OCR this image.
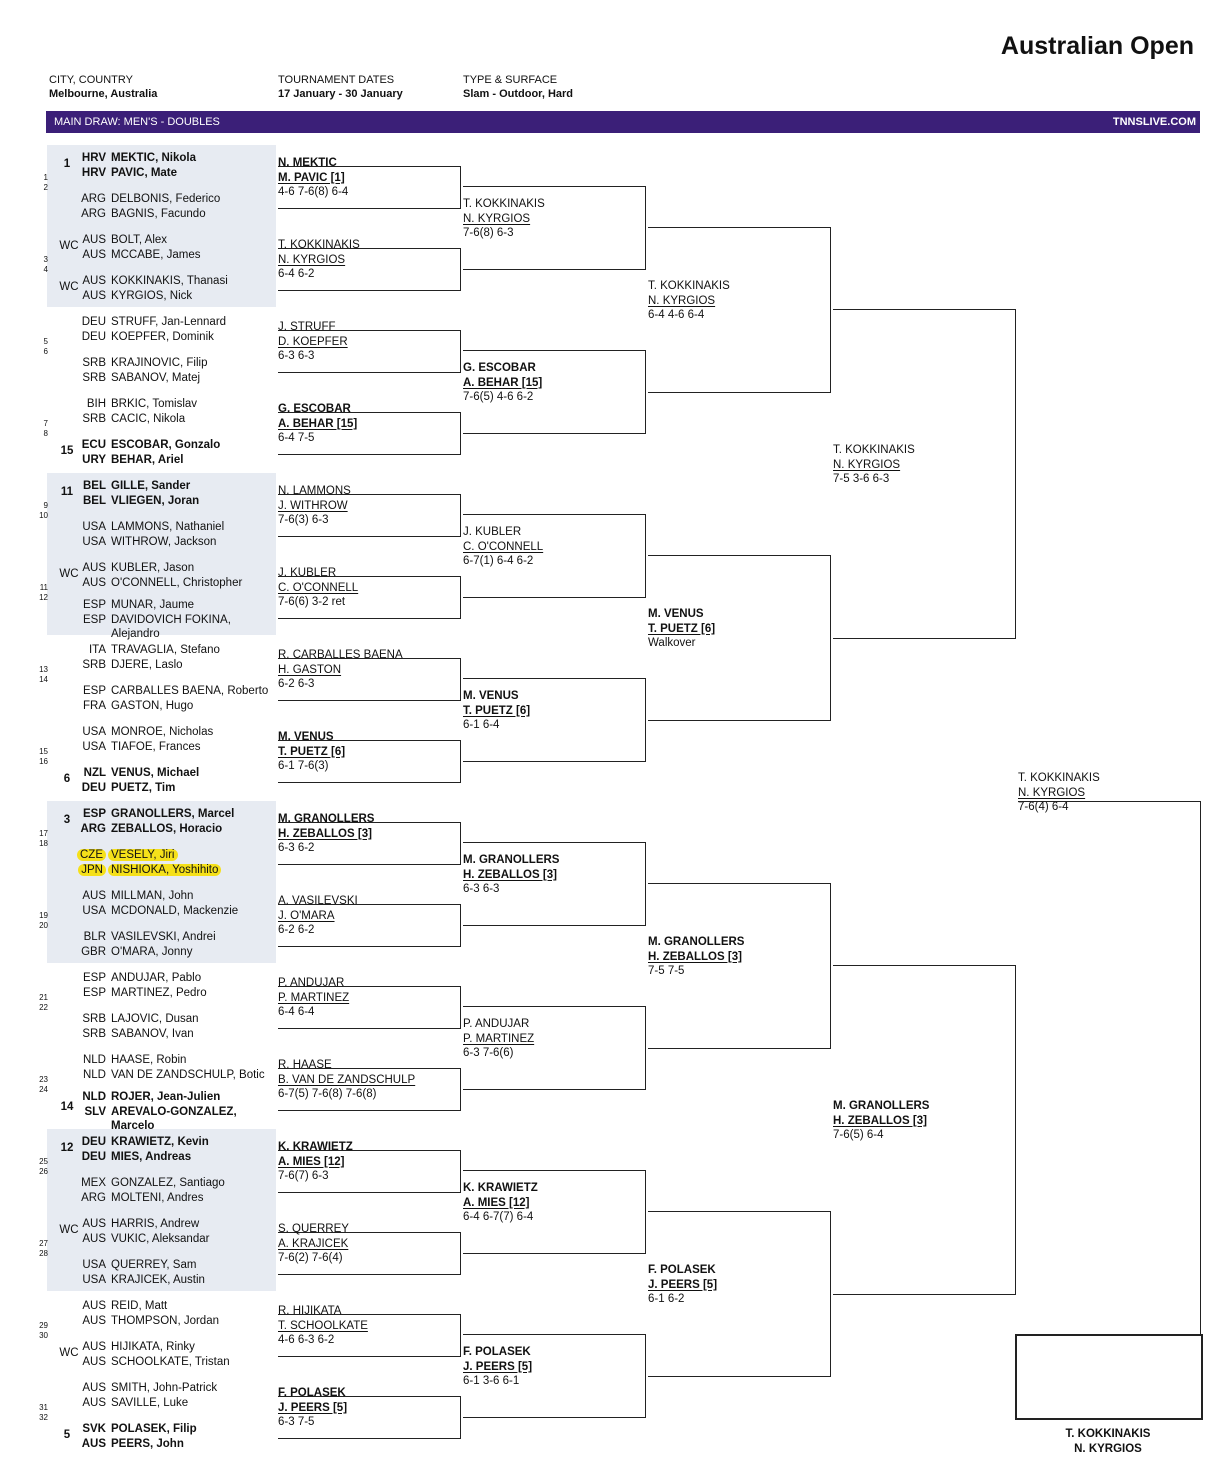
Australian Open
CITY, COUNTRY
Melbourne, Australia
TOURNAMENT DATES
17 January - 30 January
TYPE & SURFACE
Slam - Outdoor, Hard
MAIN DRAW: MEN'S - DOUBLES	TNNSLIVE.COM
1
2
1	HRV MEKTIC, Nikola
HRV PAVIC, Mate
ARG DELBONIS, Federico
ARG BAGNIS, Facundo
3
4
WC AUS BOLT, Alex
AUS MCCABE, James
WC AUS KOKKINAKIS, Thanasi
AUS KYRGIOS, Nick
5
6
DEU STRUFF, Jan-Lennard
DEU KOEPFER, Dominik
SRB KRAJINOVIC, Filip
SRB SABANOV, Matej
7
8
BIH BRKIC, Tomislav
SRB CACIC, Nikola
15 ECU ESCOBAR, Gonzalo
URY BEHAR, Ariel
9
10
11 BEL GILLE, Sander
BEL VLIEGEN, Joran
USA LAMMONS, Nathaniel
USA WITHROW, Jackson
11
12
WC AUS KUBLER, Jason
AUS O'CONNELL, Christopher
ESP MUNAR, Jaume
ESP DAVIDOVICH FOKINA, Alejandro
13
14
ITA TRAVAGLIA, Stefano
SRB DJERE, Laslo
ESP CARBALLES BAENA, Roberto
FRA GASTON, Hugo
15
16
USA MONROE, Nicholas
USA TIAFOE, Frances
6	NZL VENUS, Michael
DEU PUETZ, Tim
17
18
3	ESP GRANOLLERS, Marcel
ARG ZEBALLOS, Horacio
CZE VESELY, Jiri
JPN NISHIOKA, Yoshihito
19
20
AUS MILLMAN, John
USA MCDONALD, Mackenzie
BLR VASILEVSKI, Andrei
GBR O'MARA, Jonny
21
22
ESP ANDUJAR, Pablo
ESP MARTINEZ, Pedro
SRB LAJOVIC, Dusan
SRB SABANOV, Ivan
23
24
NLD HAASE, Robin
NLD VAN DE ZANDSCHULP, Botic
14
NLD ROJER, Jean-Julien
SLV AREVALO-GONZALEZ, Marcelo
25
26
12 DEU KRAWIETZ, Kevin
DEU MIES, Andreas
MEX GONZALEZ, Santiago
ARG MOLTENI, Andres
27
28
WC AUS HARRIS, Andrew
AUS VUKIC, Aleksandar
USA QUERREY, Sam
USA KRAJICEK, Austin
29
30
AUS REID, Matt
AUS THOMPSON, Jordan
WC AUS HIJIKATA, Rinky
AUS SCHOOLKATE, Tristan
31
32
AUS SMITH, John-Patrick
AUS SAVILLE, Luke
5	SVK POLASEK, Filip
AUS PEERS, John
N. MEKTIC
M. PAVIC [1]
4-6 7-6(8) 6-4
T. KOKKINAKIS
N. KYRGIOS
6-4 6-2
J. STRUFF
D. KOEPFER
6-3 6-3
G. ESCOBAR
A. BEHAR [15]
6-4 7-5
N. LAMMONS
J. WITHROW
7-6(3) 6-3
J. KUBLER
C. O'CONNELL
7-6(6) 3-2 ret
R. CARBALLES BAENA
H. GASTON
6-2 6-3
M. VENUS
T. PUETZ [6]
6-1 7-6(3)
M. GRANOLLERS
H. ZEBALLOS [3]
6-3 6-2
A. VASILEVSKI
J. O'MARA
6-2 6-2
P. ANDUJAR
P. MARTINEZ
6-4 6-4
R. HAASE
B. VAN DE ZANDSCHULP
6-7(5) 7-6(8) 7-6(8)
K. KRAWIETZ
A. MIES [12]
7-6(7) 6-3
S. QUERREY
A. KRAJICEK
7-6(2) 7-6(4)
R. HIJIKATA
T. SCHOOLKATE
4-6 6-3 6-2
F. POLASEK
J. PEERS [5]
6-3 7-5
T. KOKKINAKIS
N. KYRGIOS
7-6(8) 6-3
G. ESCOBAR
A. BEHAR [15]
7-6(5) 4-6 6-2
J. KUBLER
C. O'CONNELL
6-7(1) 6-4 6-2
M. VENUS
T. PUETZ [6]
6-1 6-4
M. GRANOLLERS
H. ZEBALLOS [3]
6-3 6-3
P. ANDUJAR
P. MARTINEZ
6-3 7-6(6)
K. KRAWIETZ
A. MIES [12]
6-4 6-7(7) 6-4
F. POLASEK
J. PEERS [5]
6-1 3-6 6-1
T. KOKKINAKIS
N. KYRGIOS
6-4 4-6 6-4
M. VENUS
T. PUETZ [6]
Walkover
M. GRANOLLERS
H. ZEBALLOS [3]
7-5 7-5
F. POLASEK
J. PEERS [5]
6-1 6-2
T. KOKKINAKIS
N. KYRGIOS
7-5 3-6 6-3
M. GRANOLLERS
H. ZEBALLOS [3]
7-6(5) 6-4
T. KOKKINAKIS
N. KYRGIOS
7-6(4) 6-4
T. KOKKINAKIS
N. KYRGIOS
